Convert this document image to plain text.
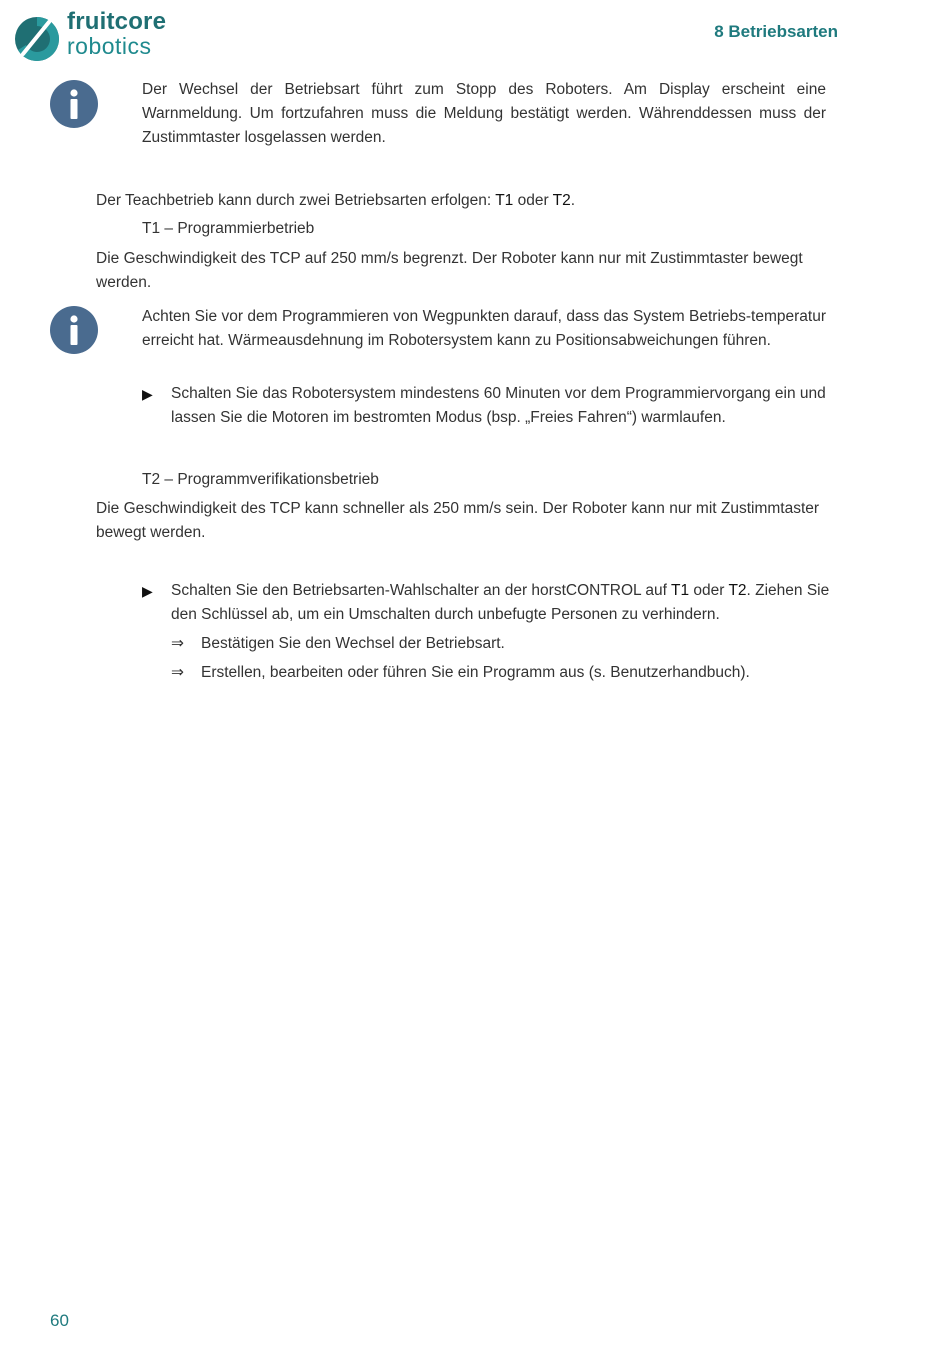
fruitcore
robotics
8 Betriebsarten

Der Wechsel der Betriebsart führt zum Stopp des Roboters. Am Display erscheint eine Warnmeldung. Um fortzufahren muss die Meldung bestätigt werden. Währenddessen muss der Zustimmtaster losgelassen werden.

Der Teachbetrieb kann durch zwei Betriebsarten erfolgen: T1 oder T2.

T1 – Programmierbetrieb

Die Geschwindigkeit des TCP auf 250 mm/s begrenzt. Der Roboter kann nur mit Zustimmtaster bewegt werden.

Achten Sie vor dem Programmieren von Wegpunkten darauf, dass das System Betriebs-temperatur erreicht hat. Wärmeausdehnung im Robotersystem kann zu Positionsabweichungen führen.

▶	Schalten Sie das Robotersystem mindestens 60 Minuten vor dem Programmiervorgang ein und lassen Sie die Motoren im bestromten Modus (bsp. „Freies Fahren“) warmlaufen.

T2 – Programmverifikationsbetrieb

Die Geschwindigkeit des TCP kann schneller als 250 mm/s sein. Der Roboter kann nur mit Zustimmtaster bewegt werden.

▶	Schalten Sie den Betriebsarten-Wahlschalter an der horstCONTROL auf T1 oder T2. Ziehen Sie den Schlüssel ab, um ein Umschalten durch unbefugte Personen zu verhindern.
⇒	Bestätigen Sie den Wechsel der Betriebsart.
⇒	Erstellen, bearbeiten oder führen Sie ein Programm aus (s. Benutzerhandbuch).
60
